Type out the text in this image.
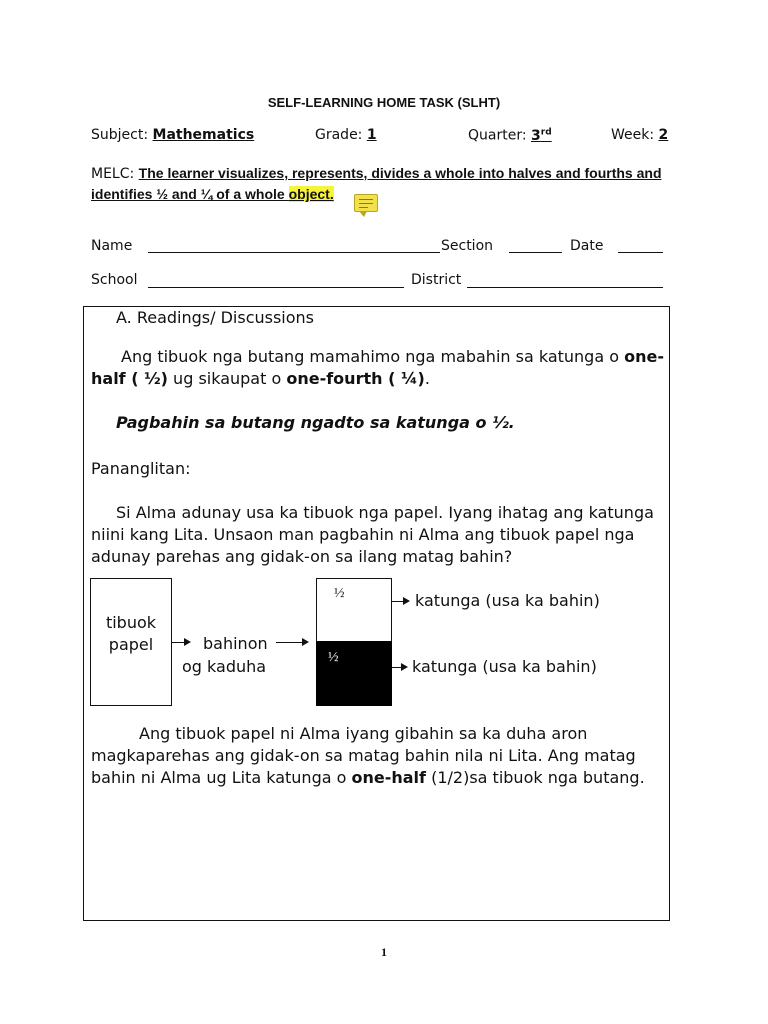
SELF-LEARNING HOME TASK (SLHT)
Subject: Mathematics	Grade: 1	Quarter: 3rd	Week: 2
MELC: The learner visualizes, represents, divides a whole into halves and fourths and identifies ½ and ¼ of a whole object.
Name	Section	Date
School	District
A. Readings/ Discussions
Ang tibuok nga butang mamahimo nga mabahin sa katunga o one-half ( ½) ug sikaupat o one-fourth ( ¼).
Pagbahin sa butang ngadto sa katunga o ½.
Pananglitan:
Si Alma adunay usa ka tibuok nga papel. Iyang ihatag ang katunga niini kang Lita. Unsaon man pagbahin ni Alma ang tibuok papel nga adunay parehas ang gidak-on sa ilang matag bahin?
tibuok
papel	bahinon
og kaduha
½
½
katunga (usa ka bahin)
katunga (usa ka bahin)
Ang tibuok papel ni Alma iyang gibahin sa ka duha aron magkaparehas ang gidak-on sa matag bahin nila ni Lita. Ang matag bahin ni Alma ug Lita katunga o one-half (1/2)sa tibuok nga butang.
1
